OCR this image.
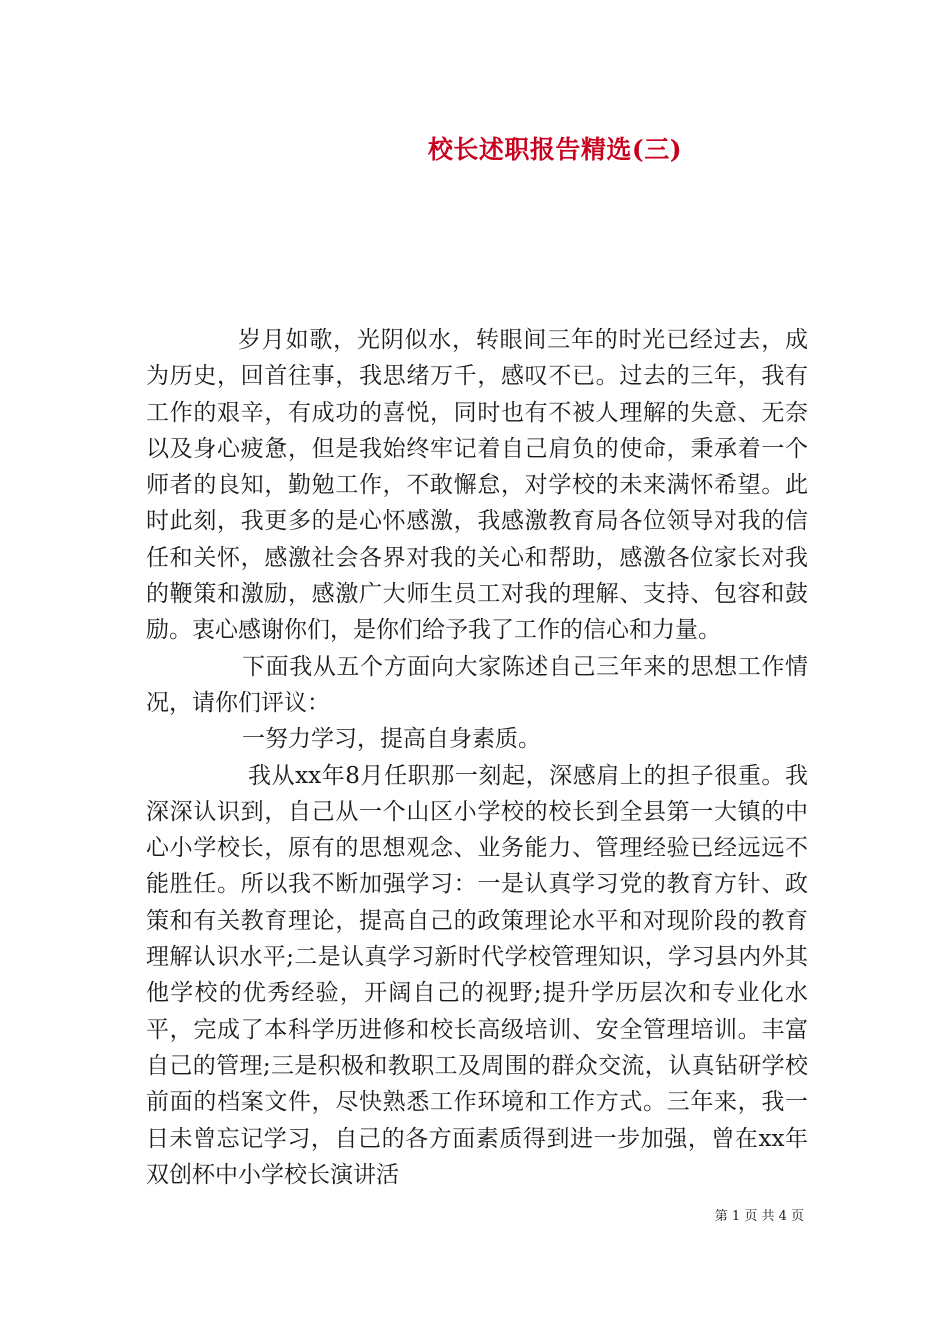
校长述职报告精选(三)

岁月如歌，光阴似水，转眼间三年的时光已经过去，成为历史，回首往事，我思绪万千，感叹不已。过去的三年，我有工作的艰辛，有成功的喜悦，同时也有不被人理解的失意、无奈以及身心疲惫，但是我始终牢记着自己肩负的使命，秉承着一个师者的良知，勤勉工作，不敢懈怠，对学校的未来满怀希望。此时此刻，我更多的是心怀感激，我感激教育局各位领导对我的信任和关怀，感激社会各界对我的关心和帮助，感激各位家长对我的鞭策和激励，感激广大师生员工对我的理解、支持、包容和鼓励。衷心感谢你们，是你们给予我了工作的信心和力量。

下面我从五个方面向大家陈述自己三年来的思想工作情况，请你们评议：

一努力学习，提高自身素质。

我从xx年8月任职那一刻起，深感肩上的担子很重。我深深认识到，自己从一个山区小学校的校长到全县第一大镇的中心小学校长，原有的思想观念、业务能力、管理经验已经远远不能胜任。所以我不断加强学习：一是认真学习党的教育方针、政策和有关教育理论，提高自己的政策理论水平和对现阶段的教育理解认识水平;二是认真学习新时代学校管理知识，学习县内外其他学校的优秀经验，开阔自己的视野;提升学历层次和专业化水平，完成了本科学历进修和校长高级培训、安全管理培训。丰富自己的管理;三是积极和教职工及周围的群众交流，认真钻研学校前面的档案文件，尽快熟悉工作环境和工作方式。三年来，我一日未曾忘记学习，自己的各方面素质得到进一步加强，曾在xx年双创杯中小学校长演讲活

第 1 页 共 4 页
